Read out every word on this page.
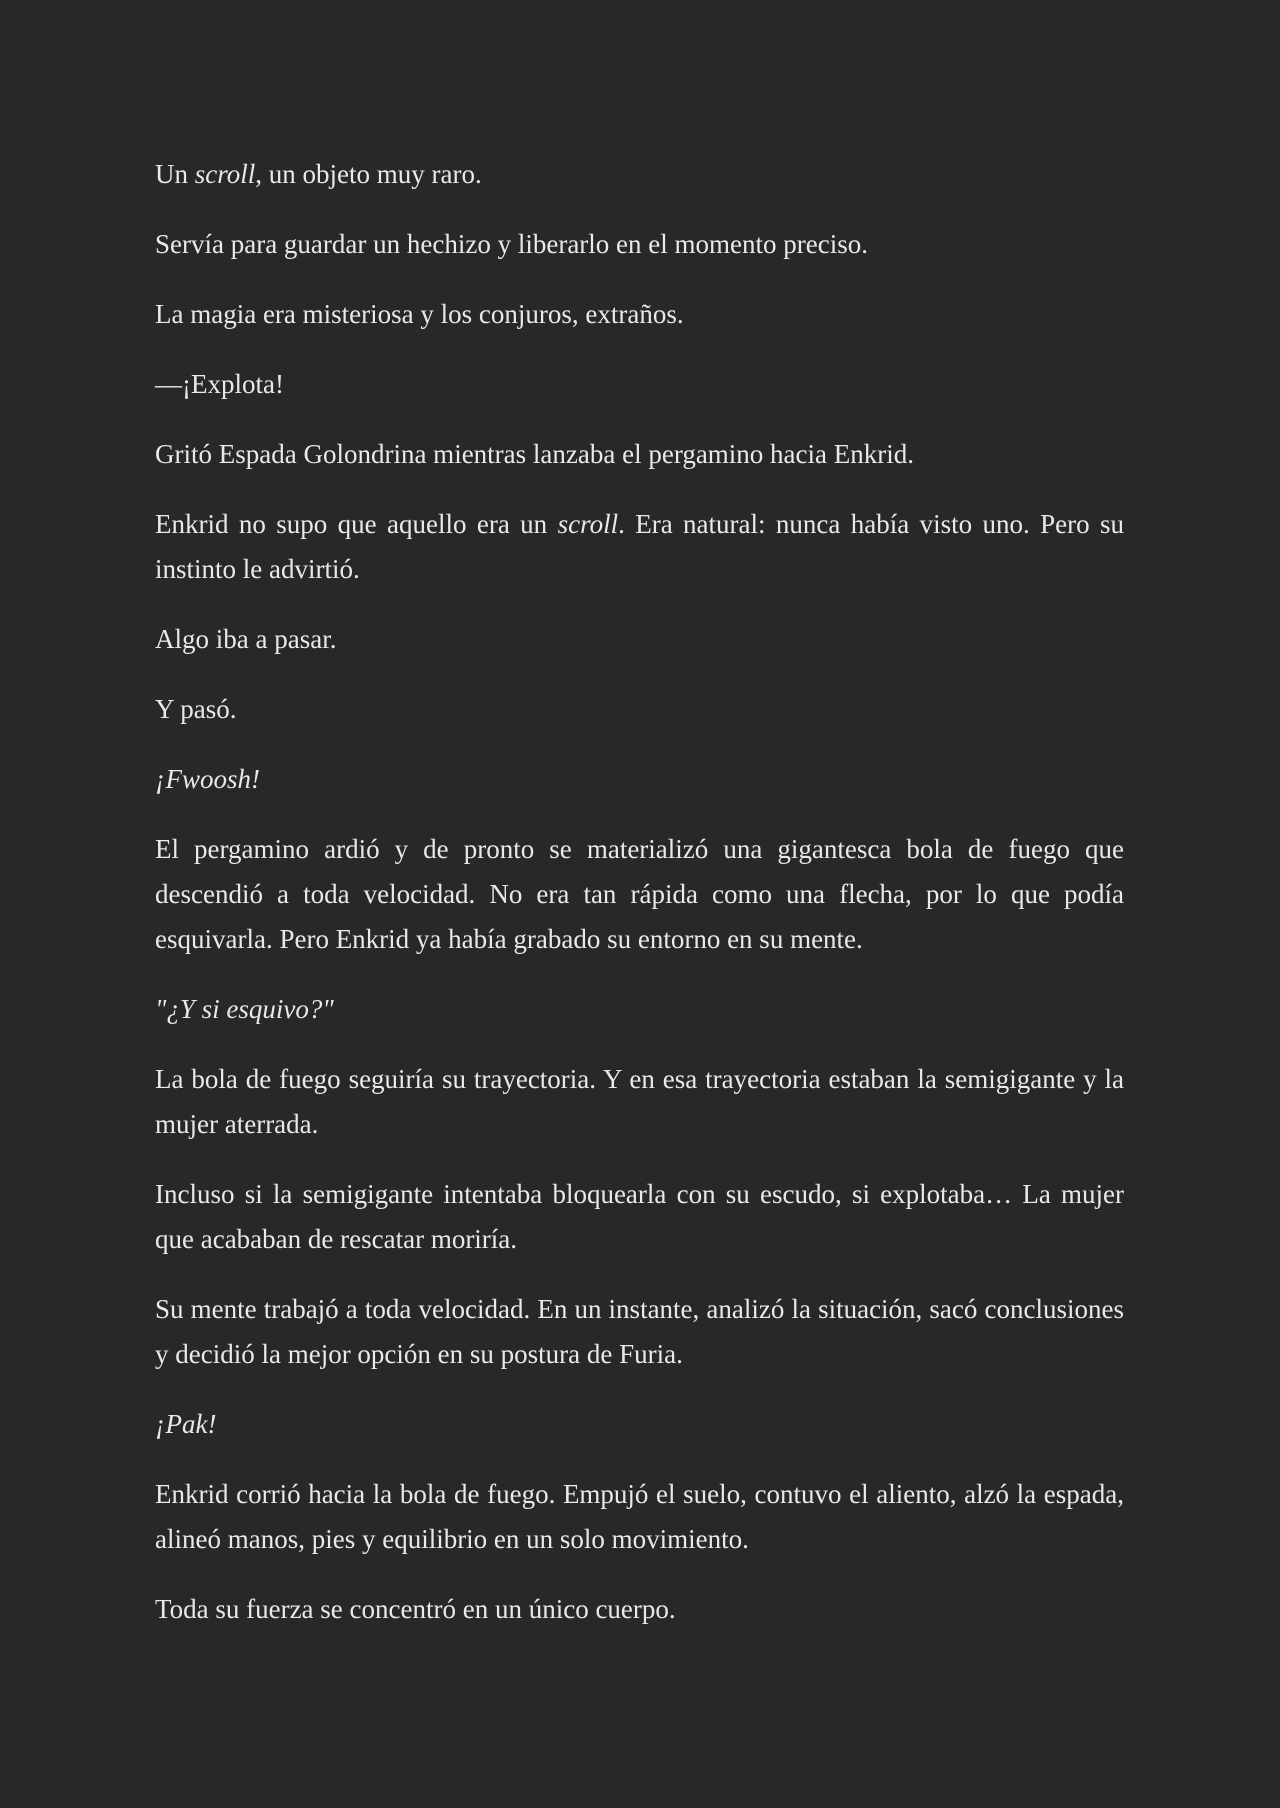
Un scroll, un objeto muy raro.

Servía para guardar un hechizo y liberarlo en el momento preciso.

La magia era misteriosa y los conjuros, extraños.

—¡Explota!

Gritó Espada Golondrina mientras lanzaba el pergamino hacia Enkrid.

Enkrid no supo que aquello era un scroll. Era natural: nunca había visto uno. Pero su instinto le advirtió.

Algo iba a pasar.

Y pasó.

¡Fwoosh!

El pergamino ardió y de pronto se materializó una gigantesca bola de fuego que descendió a toda velocidad. No era tan rápida como una flecha, por lo que podía esquivarla. Pero Enkrid ya había grabado su entorno en su mente.

"¿Y si esquivo?"

La bola de fuego seguiría su trayectoria. Y en esa trayectoria estaban la semigigante y la mujer aterrada.

Incluso si la semigigante intentaba bloquearla con su escudo, si explotaba… La mujer que acababan de rescatar moriría.

Su mente trabajó a toda velocidad. En un instante, analizó la situación, sacó conclusiones y decidió la mejor opción en su postura de Furia.

¡Pak!

Enkrid corrió hacia la bola de fuego. Empujó el suelo, contuvo el aliento, alzó la espada, alineó manos, pies y equilibrio en un solo movimiento.

Toda su fuerza se concentró en un único cuerpo.
